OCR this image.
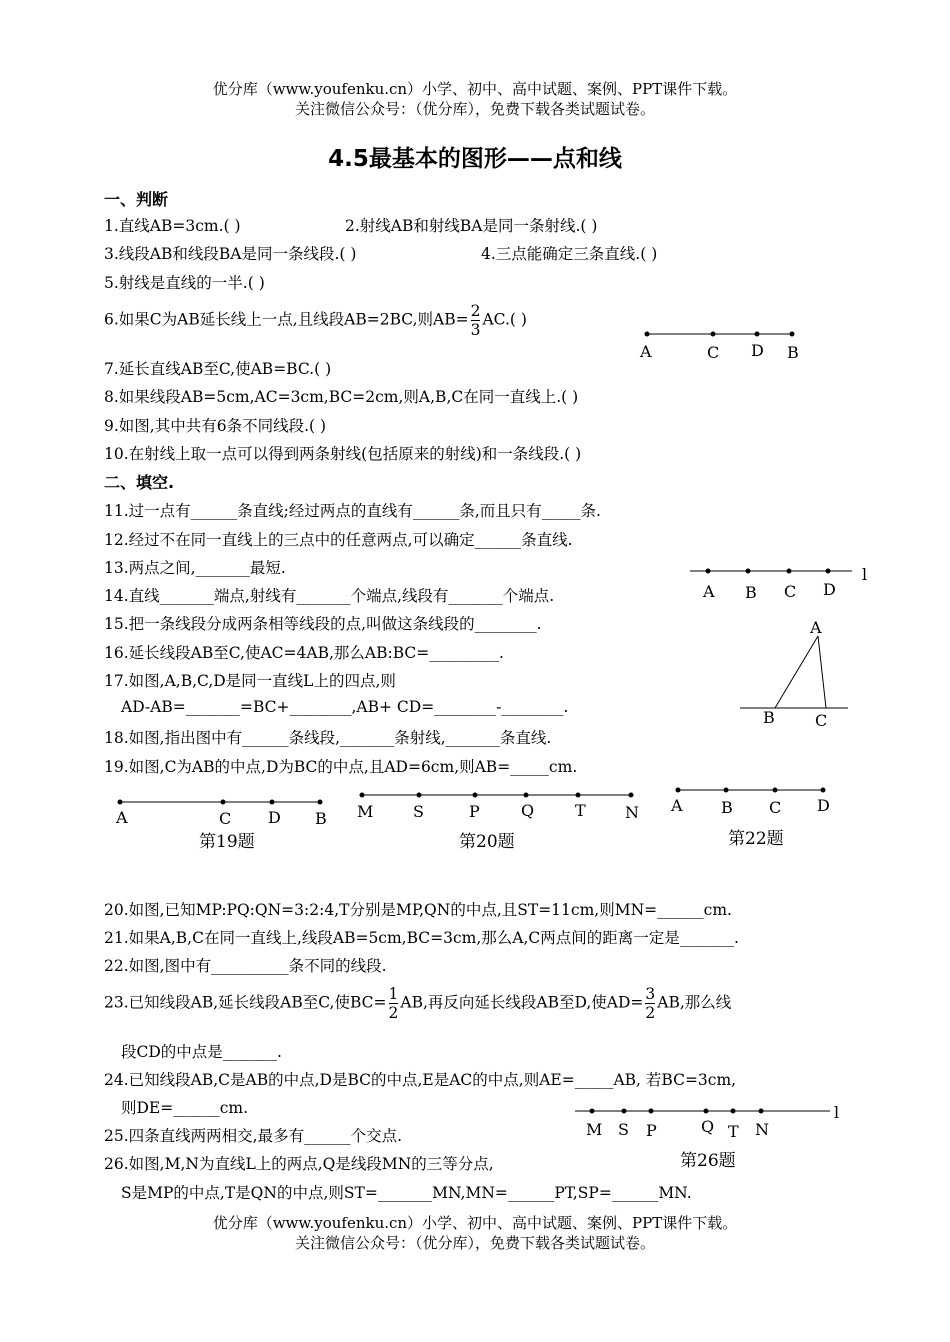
优分库（www.youfenku.cn）小学、初中、高中试题、案例、PPT课件下载。
关注微信公众号：（优分库），免费下载各类试题试卷。
优分库（www.youfenku.cn）小学、初中、高中试题、案例、PPT课件下载。
关注微信公众号：（优分库），免费下载各类试题试卷。
4.5最基本的图形——点和线
一、判断
1.直线AB=3cm.( )	2.射线AB和射线BA是同一条射线.( )
3.线段AB和线段BA是同一条线段.( )	4.三点能确定三条直线.( )
5.射线是直线的一半.( )
6.如果C为AB延长线上一点,且线段AB=2BC,则$AB= \frac{2}{3} AC$.( )
7.延长直线AB至C,使AB=BC.( )
8.如果线段AB=5cm,AC=3cm,BC=2cm,则A,B,C在同一直线上.( )
9.如图,其中共有6条不同线段.( )
10.在射线上取一点可以得到两条射线(包括原来的射线)和一条线段.( )
二、填空.
11.过一点有______条直线;经过两点的直线有______条,而且只有_____条.
12.经过不在同一直线上的三点中的任意两点,可以确定______条直线.
13.两点之间,_______最短.
14.直线_______端点,射线有_______个端点,线段有_______个端点.
15.把一条线段分成两条相等线段的点,叫做这条线段的________.
16.延长线段AB至C,使AC=4AB,那么AB:BC=_________.
17.如图,A,B,C,D是同一直线L上的四点,则
AD-AB=_______=BC+________,AB+ CD=________-________.
18.如图,指出图中有______条线段,_______条射线,_______条直线.
19.如图,C为AB的中点,D为BC的中点,且AD=6cm,则AB=_____cm.
20.如图,已知MP:PQ:QN=3:2:4,T分别是MP,QN的中点,且ST=11cm,则MN=______cm.
21.如果A,B,C在同一直线上,线段AB=5cm,BC=3cm,那么A,C两点间的距离一定是_______.
22.如图,图中有__________条不同的线段.
23.已知线段AB,延长线段AB至C,使$BC= \frac{1}{2}$ AB,再反向延长线段AB至D,使$AD= \frac{3}{2}$ AB,那么线
段CD的中点是_______.
24.已知线段AB,C是AB的中点,D是BC的中点,E是AC的中点,则AE=_____AB, 若BC=3cm,
则DE=______cm.
25.四条直线两两相交,最多有______个交点.
26.如图,M,N为直线L上的两点,Q是线段MN的三等分点,
S是MP的中点,T是QN的中点,则ST=_______MN,MN=______PT,SP=______MN.
A	C D B
A B C D
l
A
B	C
A	C D B M S	P	Q	T N A B C D
M S P	Q T N
l
第19题	第20题	第22题
第26题
